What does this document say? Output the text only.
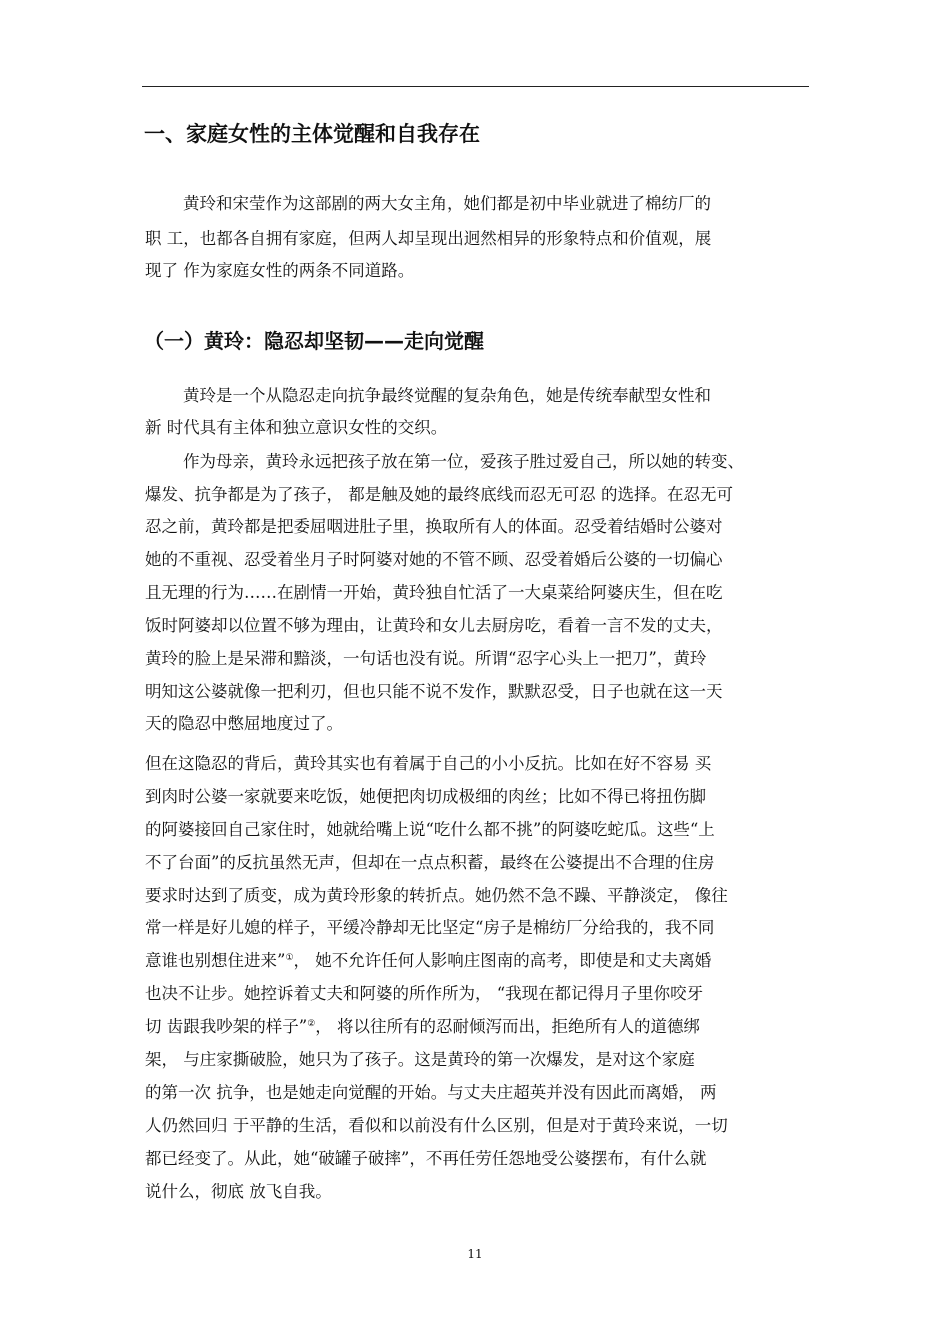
一、家庭女性的主体觉醒和自我存在

黄玲和宋莹作为这部剧的两大女主角，她们都是初中毕业就进了棉纺厂的

职 工，也都各自拥有家庭，但两人却呈现出迥然相异的形象特点和价值观，展

现了 作为家庭女性的两条不同道路。

（一）黄玲：隐忍却坚韧——走向觉醒

黄玲是一个从隐忍走向抗争最终觉醒的复杂角色，她是传统奉献型女性和

新 时代具有主体和独立意识女性的交织。

作为母亲，黄玲永远把孩子放在第一位，爱孩子胜过爱自己，所以她的转变、

爆发、抗争都是为了孩子， 都是触及她的最终底线而忍无可忍 的选择。在忍无可

忍之前，黄玲都是把委屈咽进肚子里，换取所有人的体面。忍受着结婚时公婆对

她的不重视、忍受着坐月子时阿婆对她的不管不顾、忍受着婚后公婆的一切偏心

且无理的行为……在剧情一开始，黄玲独自忙活了一大桌菜给阿婆庆生，但在吃

饭时阿婆却以位置不够为理由，让黄玲和女儿去厨房吃，看着一言不发的丈夫，

黄玲的脸上是呆滞和黯淡，一句话也没有说。所谓“忍字心头上一把刀”，黄玲

明知这公婆就像一把利刃，但也只能不说不发作，默默忍受，日子也就在这一天

天的隐忍中憋屈地度过了。

但在这隐忍的背后，黄玲其实也有着属于自己的小小反抗。比如在好不容易 买

到肉时公婆一家就要来吃饭，她便把肉切成极细的肉丝；比如不得已将扭伤脚

的阿婆接回自己家住时，她就给嘴上说“吃什么都不挑”的阿婆吃蛇瓜。这些“上

不了台面”的反抗虽然无声，但却在一点点积蓄，最终在公婆提出不合理的住房

要求时达到了质变，成为黄玲形象的转折点。她仍然不急不躁、平静淡定， 像往

常一样是好儿媳的样子，平缓冷静却无比坚定“房子是棉纺厂分给我的，我不同

意谁也别想住进来”①， 她不允许任何人影响庄图南的高考，即使是和丈夫离婚

也决不让步。她控诉着丈夫和阿婆的所作所为， “我现在都记得月子里你咬牙

切 齿跟我吵架的样子”②， 将以往所有的忍耐倾泻而出，拒绝所有人的道德绑

架， 与庄家撕破脸，她只为了孩子。这是黄玲的第一次爆发，是对这个家庭

的第一次 抗争，也是她走向觉醒的开始。与丈夫庄超英并没有因此而离婚， 两

人仍然回归 于平静的生活，看似和以前没有什么区别，但是对于黄玲来说，一切

都已经变了。从此，她“破罐子破摔”，不再任劳任怨地受公婆摆布，有什么就

说什么，彻底 放飞自我。

11
